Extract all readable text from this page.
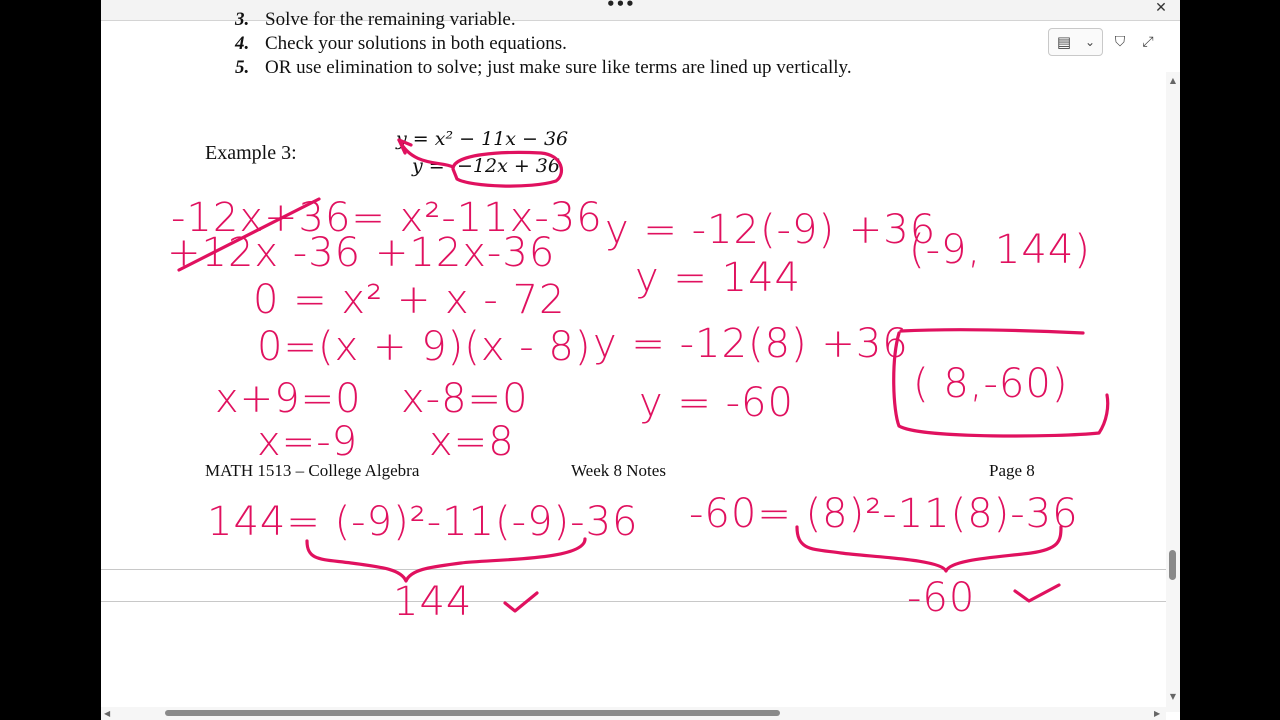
•••	✕
3. Solve for the remaining variable.
4. Check your solutions in both equations.
5. OR use elimination to solve; just make sure like terms are lined up vertically.
Example 3:
y = x² − 11x − 36
y = −12x + 36
MATH 1513 – College Algebra	Week 8 Notes	Page 8
-12x+36= x²-11x-36
+12x -36 +12x-36
0 = x² + x - 72
0=(x + 9)(x - 8)
x+9=0 x-8=0
x=-9 x=8
y = -12(-9) +36
y = 144
(-9, 144)
y = -12(8) +36
y = -60	( 8,-60)
144= (-9)²-11(-9)-36
144
-60= (8)²-11(8)-36
-60
▤	⌄	⛉	⤢
▲
▼
◀	▶
